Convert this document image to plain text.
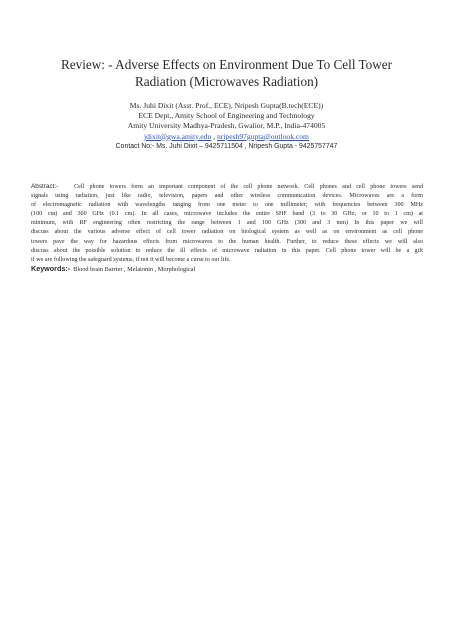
Review: - Adverse Effects on Environment Due To Cell Tower
Radiation (Microwaves Radiation)
Ms. Juhi Dixit (Asst. Prof., ECE), Nripesh Gupta(B.tech(ECE))
ECE Dept., Amity School of Engineering and Technology
Amity University Madhya-Pradesh, Gwalior, M.P., India-474005
jdixit@gwa.amity.edu , nripesh97gupta@outlook.com
Contact No:- Ms. Juhi Dixit – 9425711504 , Nripesh Gupta - 9425757747
Abstract:-	Cell phone towers form an important component of the cell phone network. Cell phones and cell phone towers send
signals using radiation, just like radio, television, papers and other wireless communication devices. Microwaves are a form
of electromagnetic radiation with wavelengths ranging from one meter to one millimeter; with frequencies between 300 MHz
(100 cm) and 300 GHz (0.1 cm). In all cases, microwave includes the entire SHF band (3 to 30 GHz, or 10 to 1 cm) at
minimum, with RF engineering often restricting the range between 1 and 100 GHz (300 and 3 mm) In this paper we will
discuss about the various adverse effect of cell tower radiation on biological system as well as on environment as cell phone
towers pave the way for hazardous effects from microwaves to the human health. Further, to reduce these effects we will also
discuss about the possible solution to reduce the ill effects of microwave radiation in this paper. Cell phone tower will be a gift
if we are following the safeguard systems, if not it will become a curse to our life.
Keywords:- Blood brain Barrier , Melatonin , Morphological
